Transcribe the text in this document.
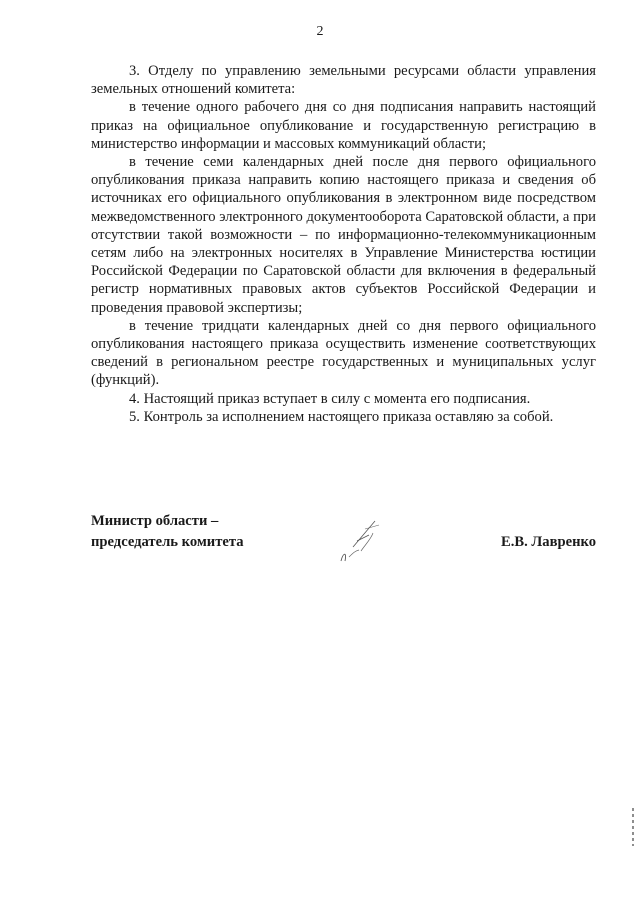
2

3. Отделу по управлению земельными ресурсами области управления земельных отношений комитета:

в течение одного рабочего дня со дня подписания направить настоящий приказ на официальное опубликование и государственную регистрацию в министерство информации и массовых коммуникаций области;

в течение семи календарных дней после дня первого официального опубликования приказа направить копию настоящего приказа и сведения об источниках его официального опубликования в электронном виде посредством межведомственного электронного документооборота Саратовской области, а при отсутствии такой возможности – по информационно-телекоммуникационным сетям либо на электронных носителях в Управление Министерства юстиции Российской Федерации по Саратовской области для включения в федеральный регистр нормативных правовых актов субъектов Российской Федерации и проведения правовой экспертизы;

в течение тридцати календарных дней со дня первого официального опубликования настоящего приказа осуществить изменение соответствующих сведений в региональном реестре государственных и муниципальных услуг (функций).

4. Настоящий приказ вступает в силу с момента его подписания.

5. Контроль за исполнением настоящего приказа оставляю за собой.

Министр области –
председатель комитета	Е.В. Лавренко
